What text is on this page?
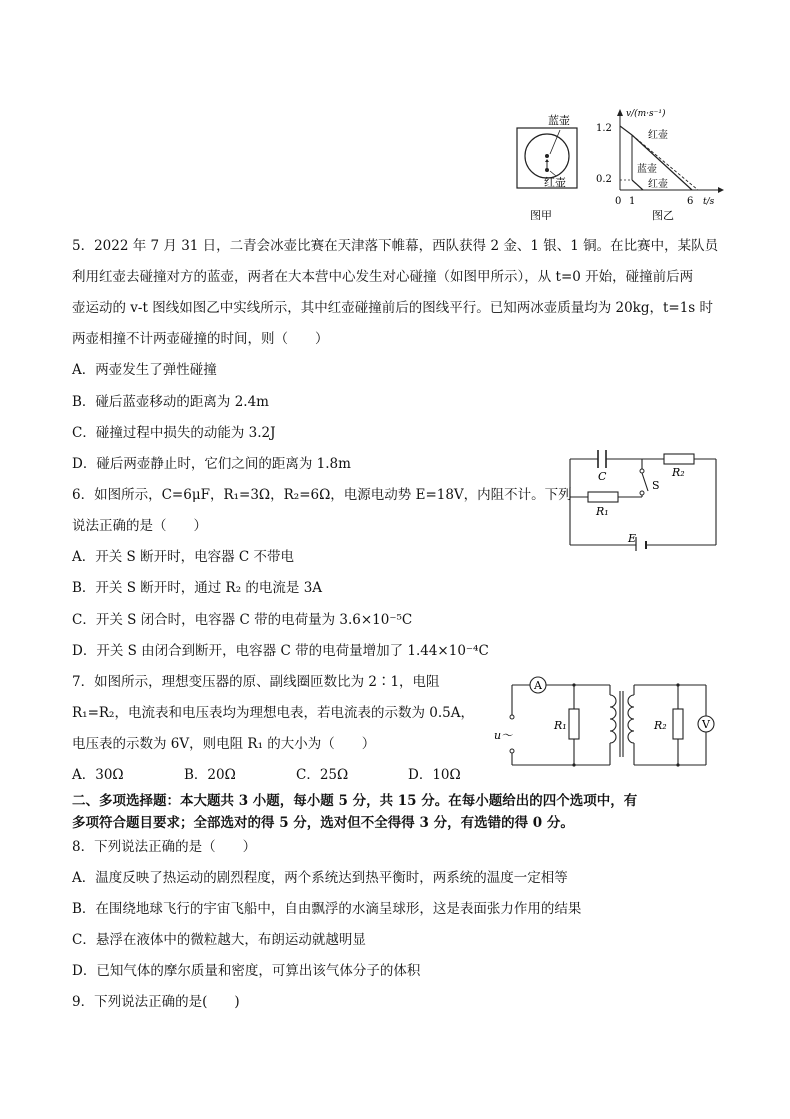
蓝壶
红壶
图甲
v/(m·s⁻¹)
t/s
1.2
0.2
0 1	6
红壶
蓝壶
红壶
图乙
5．2022 年 7 月 31 日，二青会冰壶比赛在天津落下帷幕，西队获得 2 金、1 银、1 铜。在比赛中，某队员
利用红壶去碰撞对方的蓝壶，两者在大本营中心发生对心碰撞（如图甲所示），从 t=0 开始，碰撞前后两
壶运动的 v-t 图线如图乙中实线所示，其中红壶碰撞前后的图线平行。已知两冰壶质量均为 20kg，t=1s 时
两壶相撞不计两壶碰撞的时间，则（　　）
A．两壶发生了弹性碰撞
B．碰后蓝壶移动的距离为 2.4m
C．碰撞过程中损失的动能为 3.2J
D．碰后两壶静止时，它们之间的距离为 1.8m
C	R₂
S
R₁
E
6．如图所示，C=6μF，R₁=3Ω，R₂=6Ω，电源电动势 E=18V，内阻不计。下列
说法正确的是（　　）
A．开关 S 断开时，电容器 C 不带电
B．开关 S 断开时，通过 R₂ 的电流是 3A
C．开关 S 闭合时，电容器 C 带的电荷量为 3.6×10⁻⁵C
D．开关 S 由闭合到断开，电容器 C 带的电荷量增加了 1.44×10⁻⁴C
A
u～
R₁	R₂	V
7．如图所示，理想变压器的原、副线圈匝数比为 2∶1，电阻
R₁=R₂，电流表和电压表均为理想电表，若电流表的示数为 0.5A，
电压表的示数为 6V，则电阻 R₁ 的大小为（　　）
A．30Ω	B．20Ω	C．25Ω	D．10Ω
二、多项选择题：本大题共 3 小题，每小题 5 分，共 15 分。在每小题给出的四个选项中，有
多项符合题目要求；全部选对的得 5 分，选对但不全得得 3 分，有选错的得 0 分。
8．下列说法正确的是（　　）
A．温度反映了热运动的剧烈程度，两个系统达到热平衡时，两系统的温度一定相等
B．在围绕地球飞行的宇宙飞船中，自由飘浮的水滴呈球形，这是表面张力作用的结果
C．悬浮在液体中的微粒越大，布朗运动就越明显
D．已知气体的摩尔质量和密度，可算出该气体分子的体积
9．下列说法正确的是(　　)
